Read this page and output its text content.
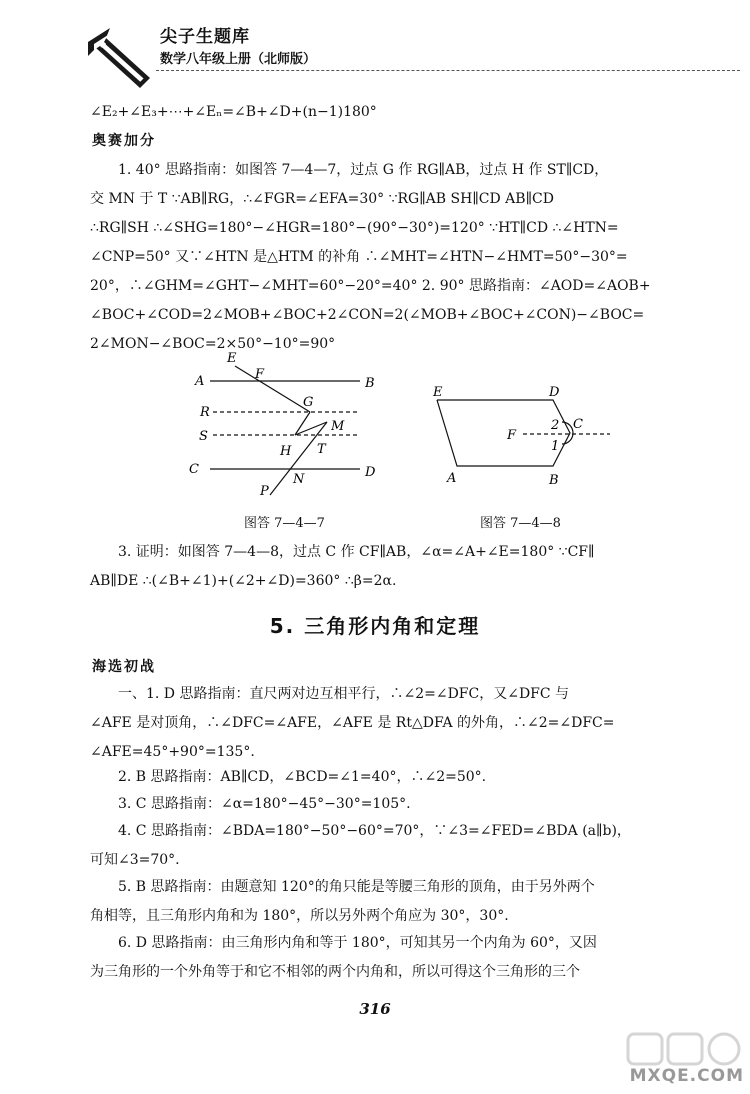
尖子生题库
数学八年级上册（北师版）

∠E₂+∠E₃+⋯+∠Eₙ=∠B+∠D+(n−1)180°

奥赛加分

1. 40° 思路指南：如图答 7—4—7，过点 G 作 RG∥AB，过点 H 作 ST∥CD，
交 MN 于 T ∵AB∥RG，∴∠FGR=∠EFA=30° ∵RG∥AB SH∥CD AB∥CD
∴RG∥SH ∴∠SHG=180°−∠HGR=180°−(90°−30°)=120° ∵HT∥CD ∴∠HTN=
∠CNP=50° 又∵∠HTN 是△HTM 的补角 ∴∠MHT=∠HTN−∠HMT=50°−30°=
20°，∴∠GHM=∠GHT−∠MHT=60°−20°=40° 2. 90° 思路指南：∠AOD=∠AOB+
∠BOC+∠COD=2∠MOB+∠BOC+2∠CON=2(∠MOB+∠BOC+∠CON)−∠BOC=
2∠MON−∠BOC=2×50°−10°=90°

E
F
A	B
R
G
S
M
H T
C	D
N
P
图答 7—4—7
E	D
F
C
2
1
A	B
图答 7—4—8

3. 证明：如图答 7—4—8，过点 C 作 CF∥AB，∠α=∠A+∠E=180° ∵CF∥
AB∥DE ∴(∠B+∠1)+(∠2+∠D)=360° ∴β=2α.

5. 三角形内角和定理
海选初战

一、1. D 思路指南：直尺两对边互相平行，∴∠2=∠DFC，又∠DFC 与
∠AFE 是对顶角，∴∠DFC=∠AFE，∠AFE 是 Rt△DFA 的外角，∴∠2=∠DFC=
∠AFE=45°+90°=135°.

2. B 思路指南：AB∥CD，∠BCD=∠1=40°，∴∠2=50°.

3. C 思路指南：∠α=180°−45°−30°=105°.

4. C 思路指南：∠BDA=180°−50°−60°=70°，∵∠3=∠FED=∠BDA (a∥b)，
可知∠3=70°.

5. B 思路指南：由题意知 120°的角只能是等腰三角形的顶角，由于另外两个
角相等，且三角形内角和为 180°，所以另外两个角应为 30°，30°.

6. D 思路指南：由三角形内角和等于 180°，可知其另一个内角为 60°，又因
为三角形的一个外角等于和它不相邻的两个内角和，所以可得这个三角形的三个

316
MXQE.COM
